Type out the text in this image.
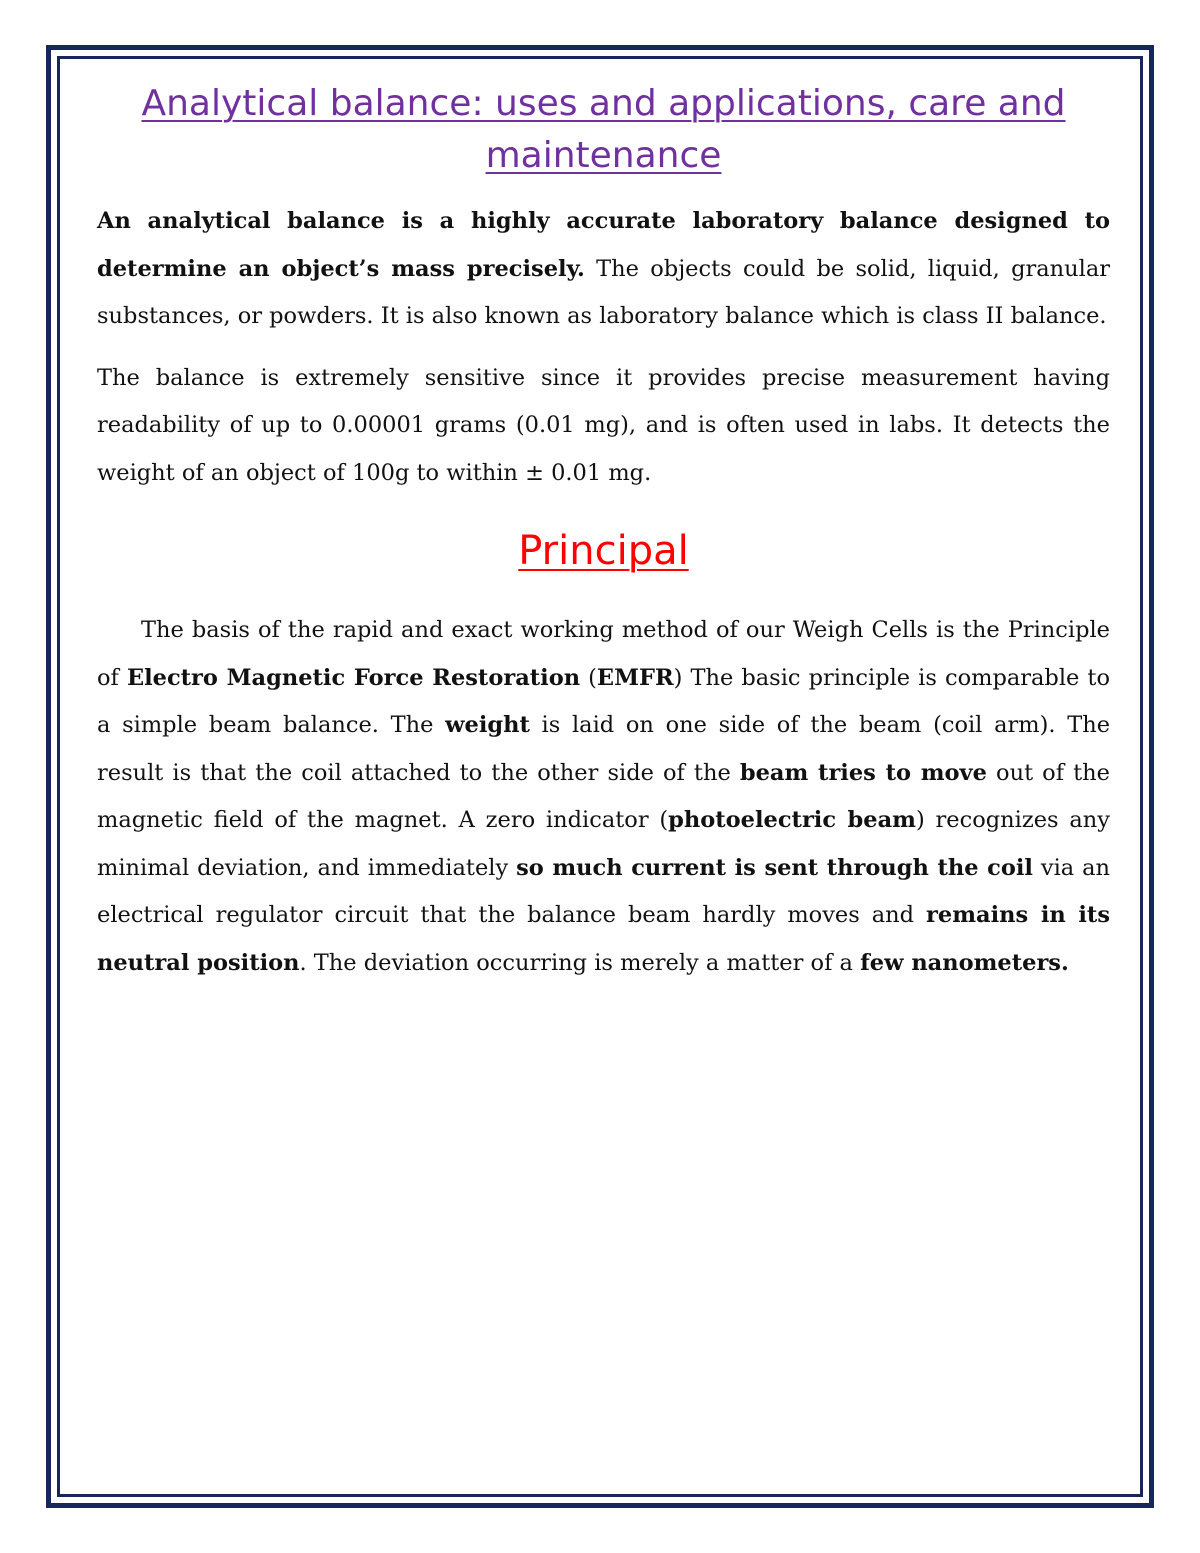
Analytical balance: uses and applications, care and maintenance

An analytical balance is a highly accurate laboratory balance designed to determine an object’s mass precisely. The objects could be solid, liquid, granular substances, or powders. It is also known as laboratory balance which is class II balance.

The balance is extremely sensitive since it provides precise measurement having readability of up to 0.00001 grams (0.01 mg), and is often used in labs. It detects the weight of an object of 100g to within ± 0.01 mg.

Principal

The basis of the rapid and exact working method of our Weigh Cells is the Principle of Electro Magnetic Force Restoration (EMFR) The basic principle is comparable to a simple beam balance. The weight is laid on one side of the beam (coil arm). The result is that the coil attached to the other side of the beam tries to move out of the magnetic field of the magnet. A zero indicator (photoelectric beam) recognizes any minimal deviation, and immediately so much current is sent through the coil via an electrical regulator circuit that the balance beam hardly moves and remains in its neutral position. The deviation occurring is merely a matter of a few nanometers.
